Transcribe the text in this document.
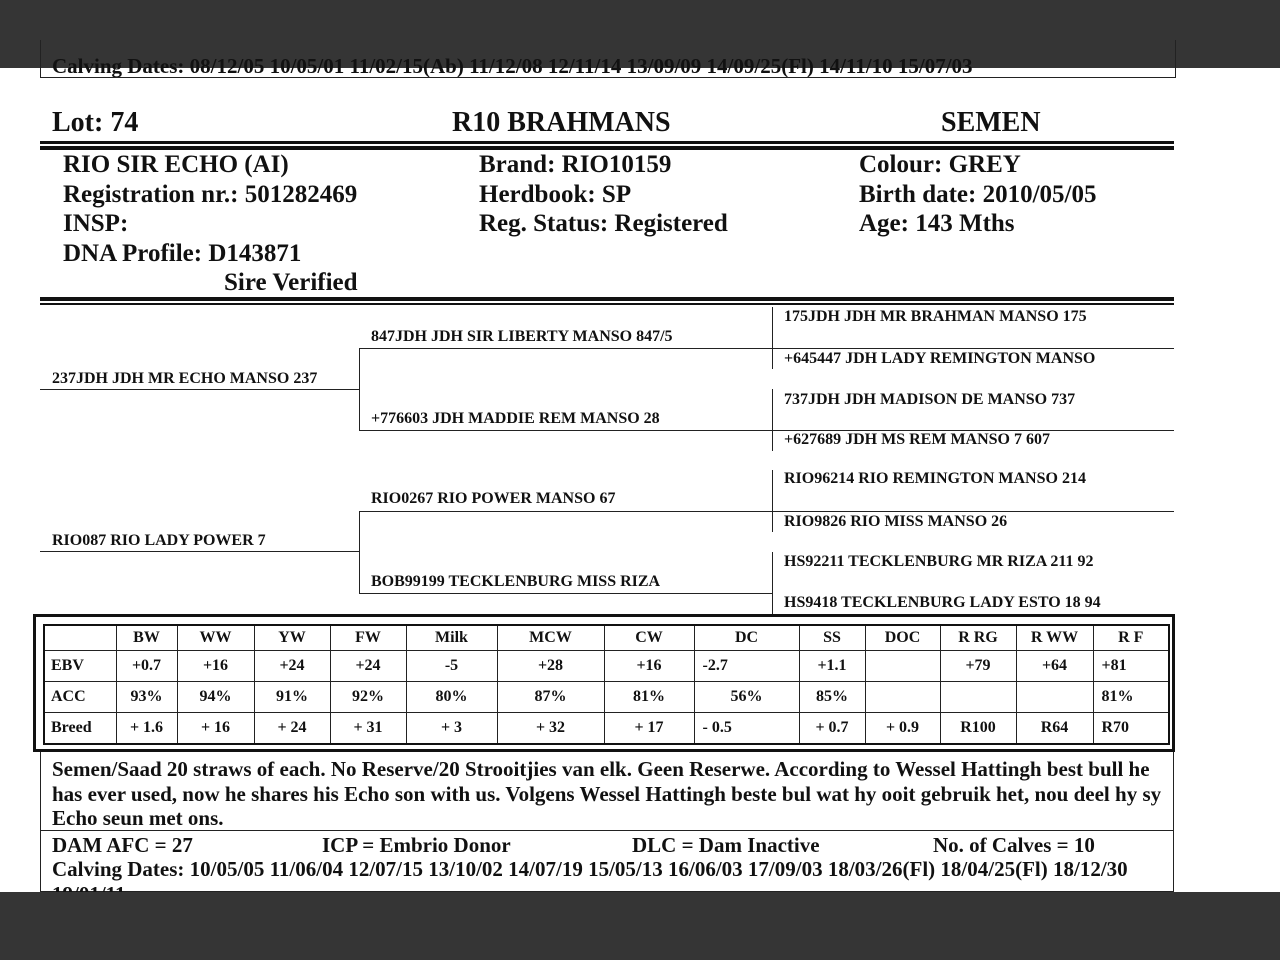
Calving Dates: 08/12/05 10/05/01 11/02/15(Ab) 11/12/08 12/11/14 13/09/09 14/09/25(Fl) 14/11/10 15/07/03
Lot: 74	R10 BRAHMANS	SEMEN
RIO SIR ECHO (AI)
Registration nr.: 501282469
INSP:
DNA Profile: D143871
Sire Verified
Brand: RIO10159
Herdbook: SP
Reg. Status: Registered
Colour: GREY
Birth date: 2010/05/05
Age: 143 Mths
237JDH JDH MR ECHO MANSO 237
RIO087 RIO LADY POWER 7
847JDH JDH SIR LIBERTY MANSO 847/5
+776603 JDH MADDIE REM MANSO 28
RIO0267 RIO POWER MANSO 67
BOB99199 TECKLENBURG MISS RIZA
175JDH JDH MR BRAHMAN MANSO 175
+645447 JDH LADY REMINGTON MANSO
737JDH JDH MADISON DE MANSO 737
+627689 JDH MS REM MANSO 7 607
RIO96214 RIO REMINGTON MANSO 214
RIO9826 RIO MISS MANSO 26
HS92211 TECKLENBURG MR RIZA 211 92
HS9418 TECKLENBURG LADY ESTO 18 94
	BW	WW	YW	FW	Milk	MCW	CW	DC	SS	DOC	R RG	R WW	R F
EBV	+0.7	+16	+24	+24	-5	+28	+16	-2.7	+1.1		+79	+64	+81
ACC	93%	94%	91%	92%	80%	87%	81%	56%	85%				81%
Breed	+ 1.6	+ 16	+ 24	+ 31	+ 3	+ 32	+ 17	- 0.5	+ 0.7	+ 0.9	R100	R64	R70
Semen/Saad 20 straws of each. No Reserve/20 Strooitjies van elk. Geen Reserwe. According to Wessel Hattingh best bull he has ever used, now he shares his Echo son with us. Volgens Wessel Hattingh beste bul wat hy ooit gebruik het, nou deel hy sy Echo seun met ons.
DAM AFC = 27	ICP = Embrio Donor	DLC = Dam Inactive	No. of Calves = 10
Calving Dates: 10/05/05 11/06/04 12/07/15 13/10/02 14/07/19 15/05/13 16/06/03 17/09/03 18/03/26(Fl) 18/04/25(Fl) 18/12/30
